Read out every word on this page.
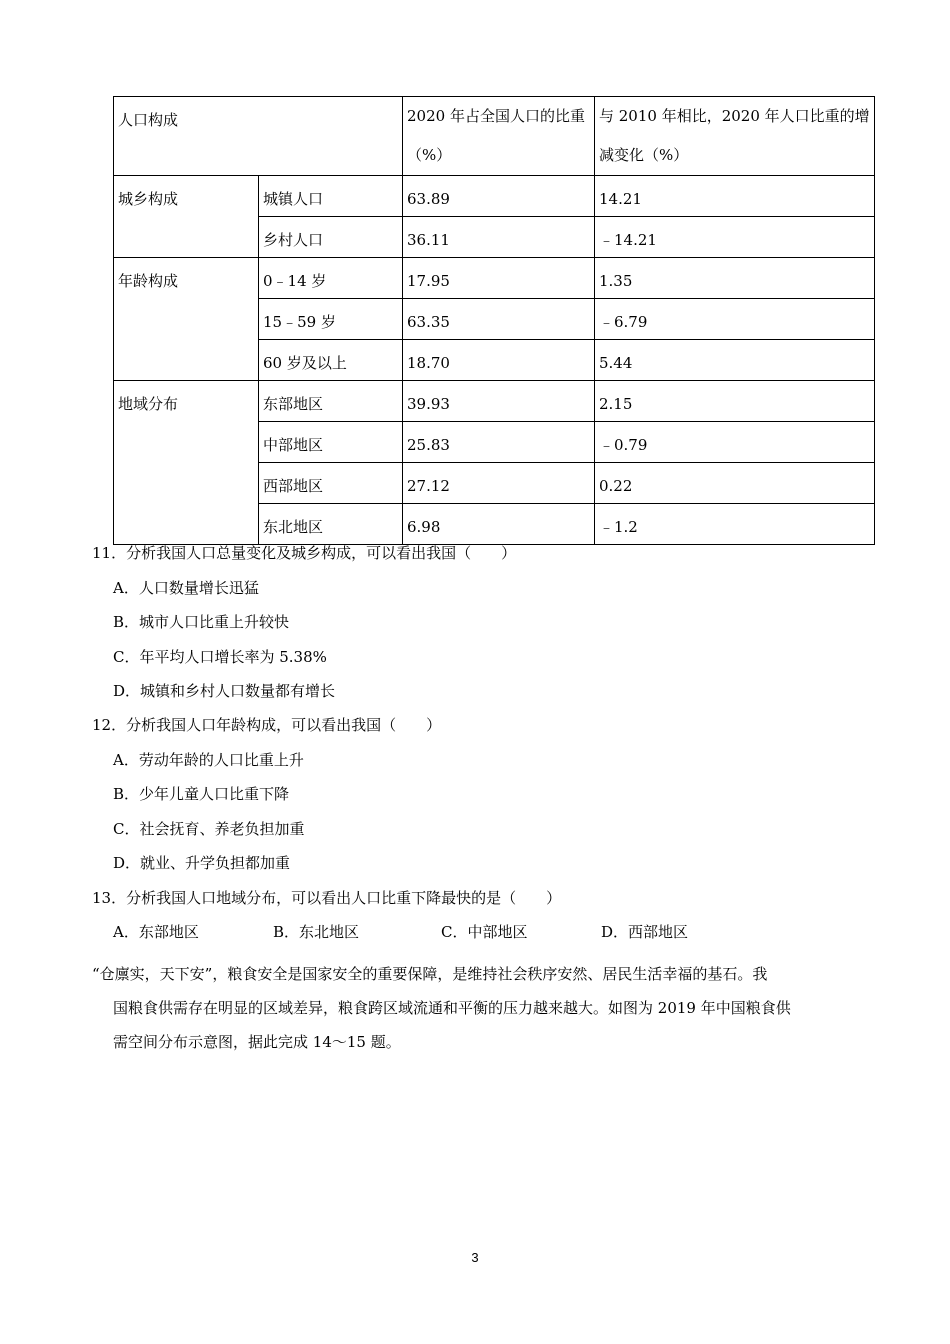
人口构成		2020 年占全国人口的比重（%）	与 2010 年相比，2020 年人口比重的增减变化（%）
城乡构成	城镇人口	63.89	14.21
	乡村人口	36.11	﹣14.21
年龄构成	0﹣14 岁	17.95	1.35
	15﹣59 岁	63.35	﹣6.79
	60 岁及以上	18.70	5.44
地域分布	东部地区	39.93	2.15
	中部地区	25.83	﹣0.79
	西部地区	27.12	0.22
	东北地区	6.98	﹣1.2
11．分析我国人口总量变化及城乡构成，可以看出我国（　　）
A．人口数量增长迅猛
B．城市人口比重上升较快
C．年平均人口增长率为 5.38%
D．城镇和乡村人口数量都有增长
12．分析我国人口年龄构成，可以看出我国（　　）
A．劳动年龄的人口比重上升
B．少年儿童人口比重下降
C．社会抚育、养老负担加重
D．就业、升学负担都加重
13．分析我国人口地域分布，可以看出人口比重下降最快的是（　　）
A．东部地区	B．东北地区	C．中部地区	D．西部地区
“仓廪实，天下安”，粮食安全是国家安全的重要保障，是维持社会秩序安然、居民生活幸福的基石。我
国粮食供需存在明显的区域差异，粮食跨区域流通和平衡的压力越来越大。如图为 2019 年中国粮食供
需空间分布示意图，据此完成 14～15 题。
3
